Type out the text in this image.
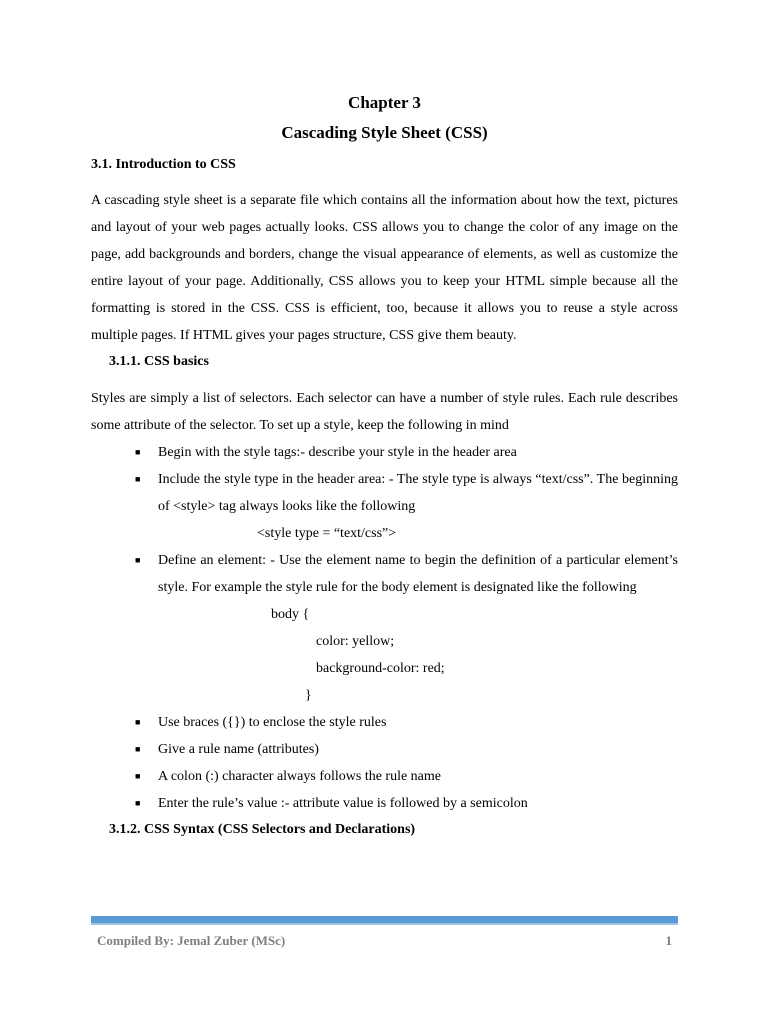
Chapter 3

Cascading Style Sheet (CSS)

3.1. Introduction to CSS

A cascading style sheet is a separate file which contains all the information about how the text, pictures and layout of your web pages actually looks. CSS allows you to change the color of any image on the page, add backgrounds and borders, change the visual appearance of elements, as well as customize the entire layout of your page. Additionally, CSS allows you to keep your HTML simple because all the formatting is stored in the CSS. CSS is efficient, too, because it allows you to reuse a style across multiple pages. If HTML gives your pages structure, CSS give them beauty.

3.1.1. CSS basics

Styles are simply a list of selectors. Each selector can have a number of style rules. Each rule describes some attribute of the selector. To set up a style, keep the following in mind

■ Begin with the style tags:- describe your style in the header area
■ Include the style type in the header area: - The style type is always “text/css”. The beginning of <style> tag always looks like the following

<style type = “text/css”>

■ Define an element: - Use the element name to begin the definition of a particular element’s style. For example the style rule for the body element is designated like the following

body {

color: yellow;

background-color: red;

}

■ Use braces ({}) to enclose the style rules
■ Give a rule name (attributes)
■ A colon (:) character always follows the rule name
■ Enter the rule’s value :- attribute value is followed by a semicolon

3.1.2. CSS Syntax (CSS Selectors and Declarations)

Compiled By: Jemal Zuber (MSc)	1
